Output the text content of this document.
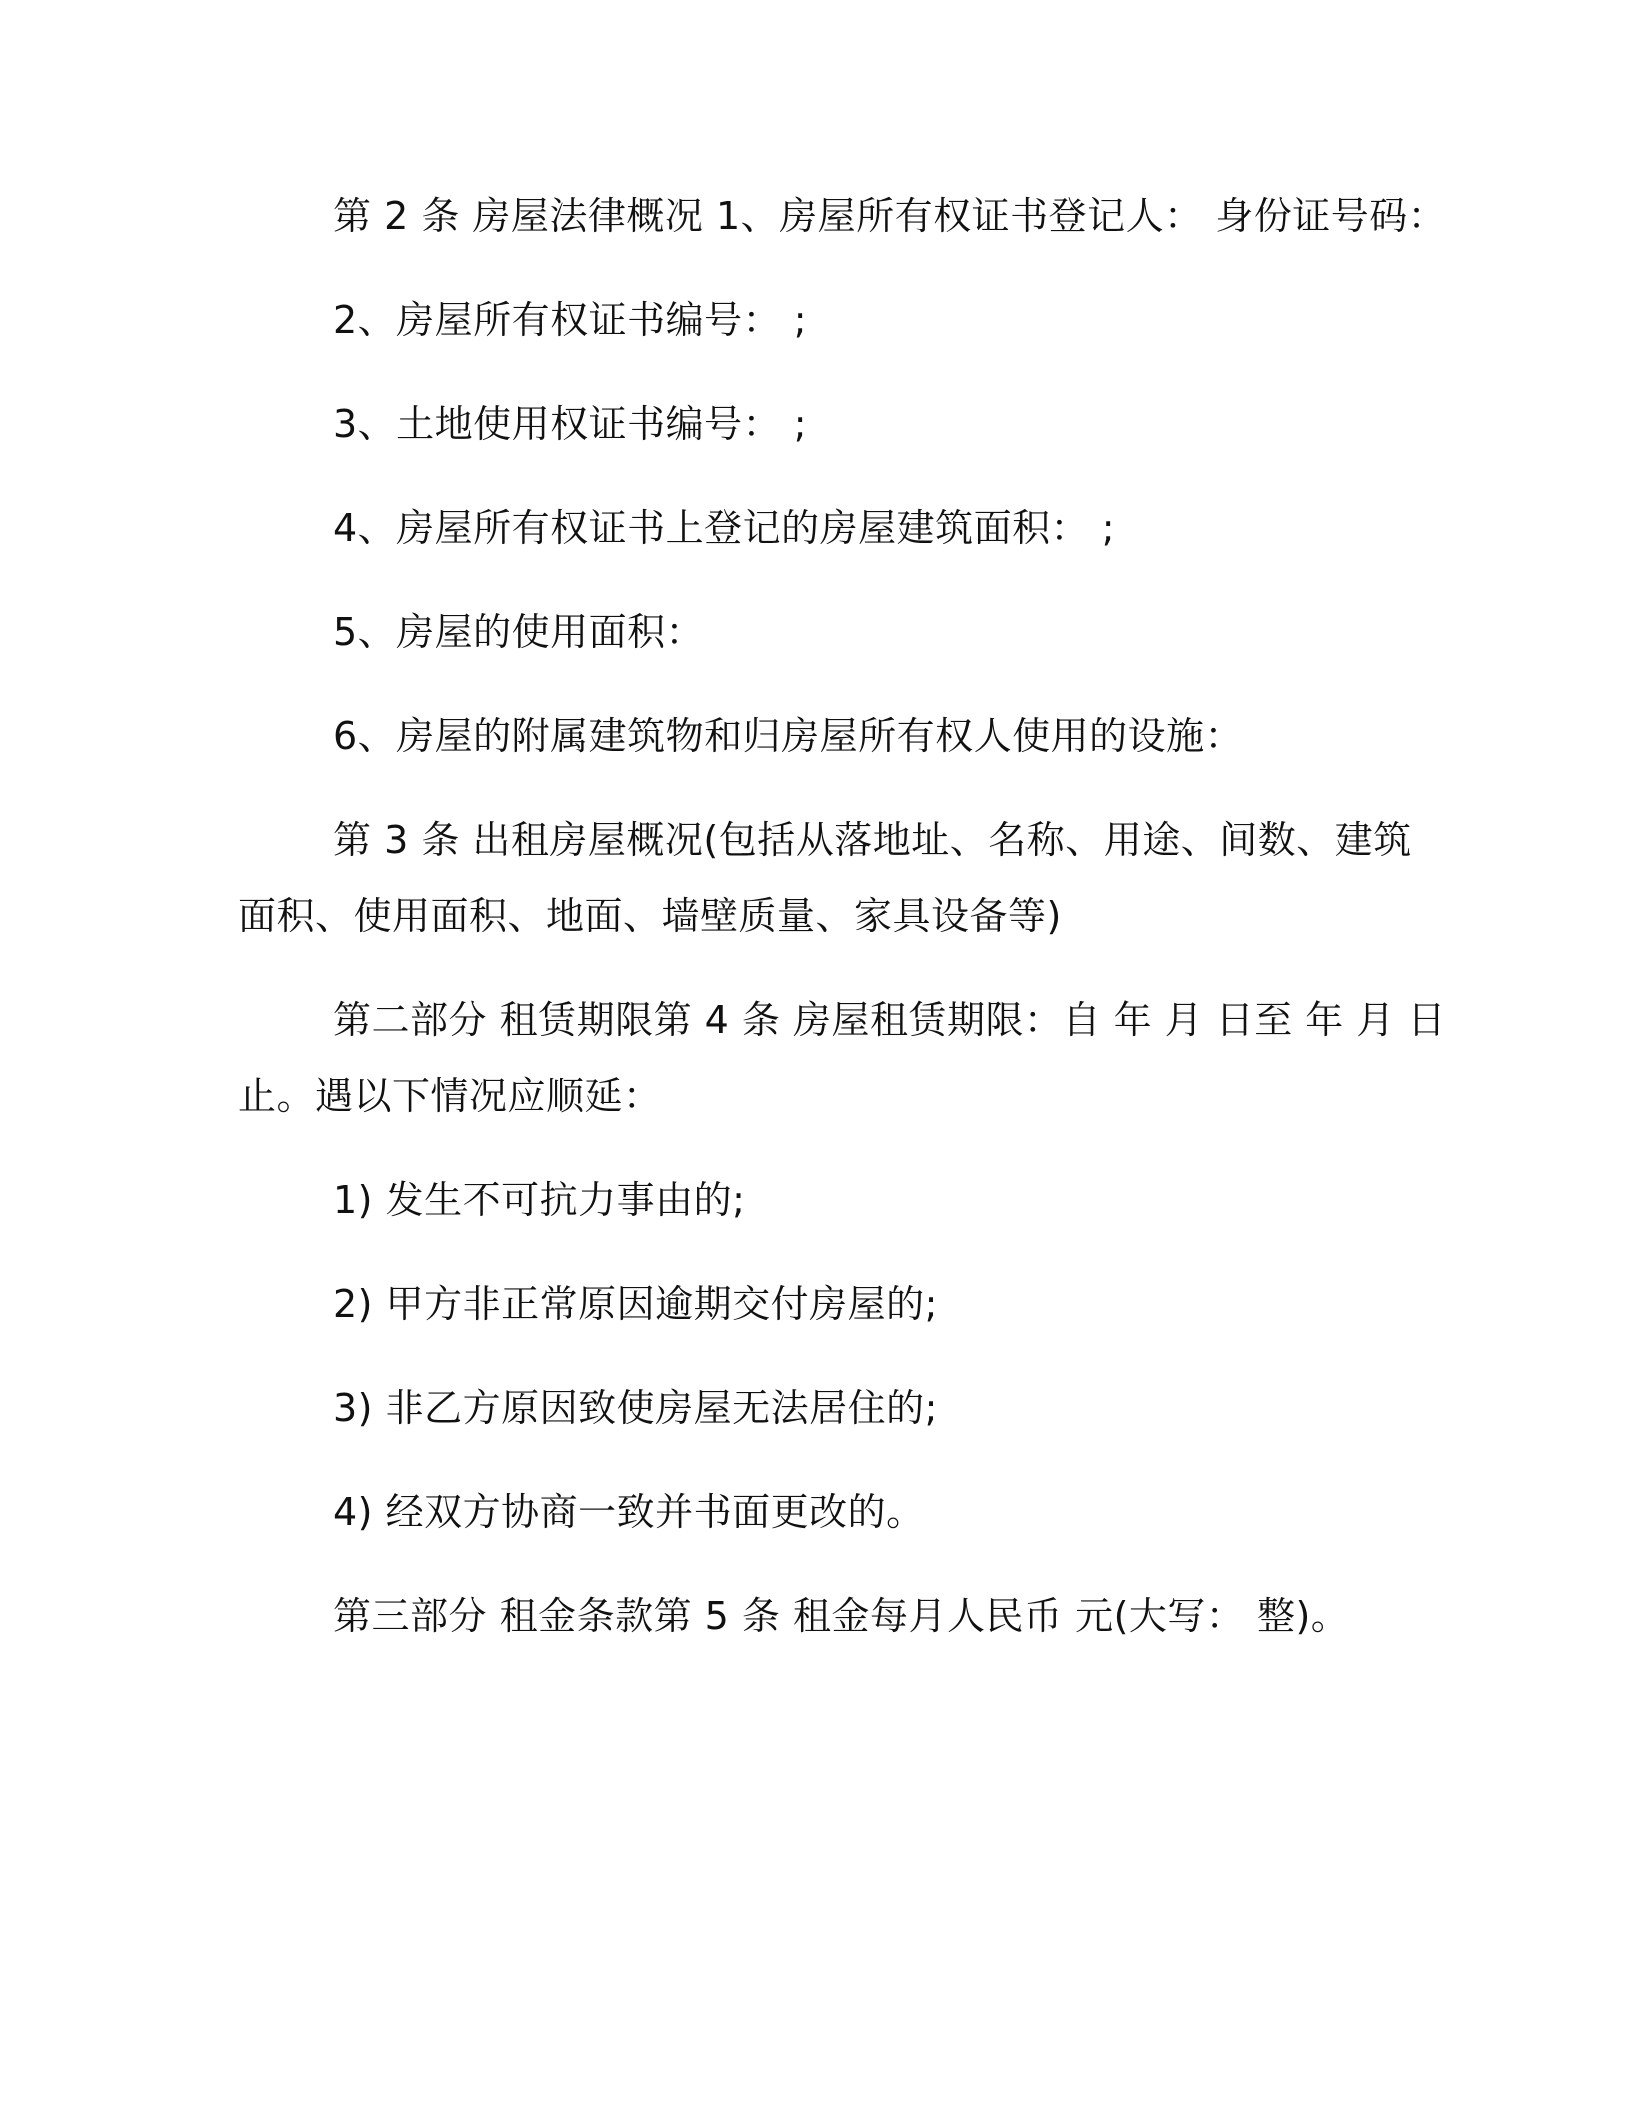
第 2 条 房屋法律概况 1、房屋所有权证书登记人： 身份证号码：

2、房屋所有权证书编号： ;

3、土地使用权证书编号： ;

4、房屋所有权证书上登记的房屋建筑面积： ;

5、房屋的使用面积：

6、房屋的附属建筑物和归房屋所有权人使用的设施：

第 3 条 出租房屋概况(包括从落地址、名称、用途、间数、建筑

面积、使用面积、地面、墙壁质量、家具设备等)

第二部分 租赁期限第 4 条 房屋租赁期限：自 年 月 日至 年 月 日

止。遇以下情况应顺延：

1) 发生不可抗力事由的;

2) 甲方非正常原因逾期交付房屋的;

3) 非乙方原因致使房屋无法居住的;

4) 经双方协商一致并书面更改的。

第三部分 租金条款第 5 条 租金每月人民币 元(大写： 整)。
